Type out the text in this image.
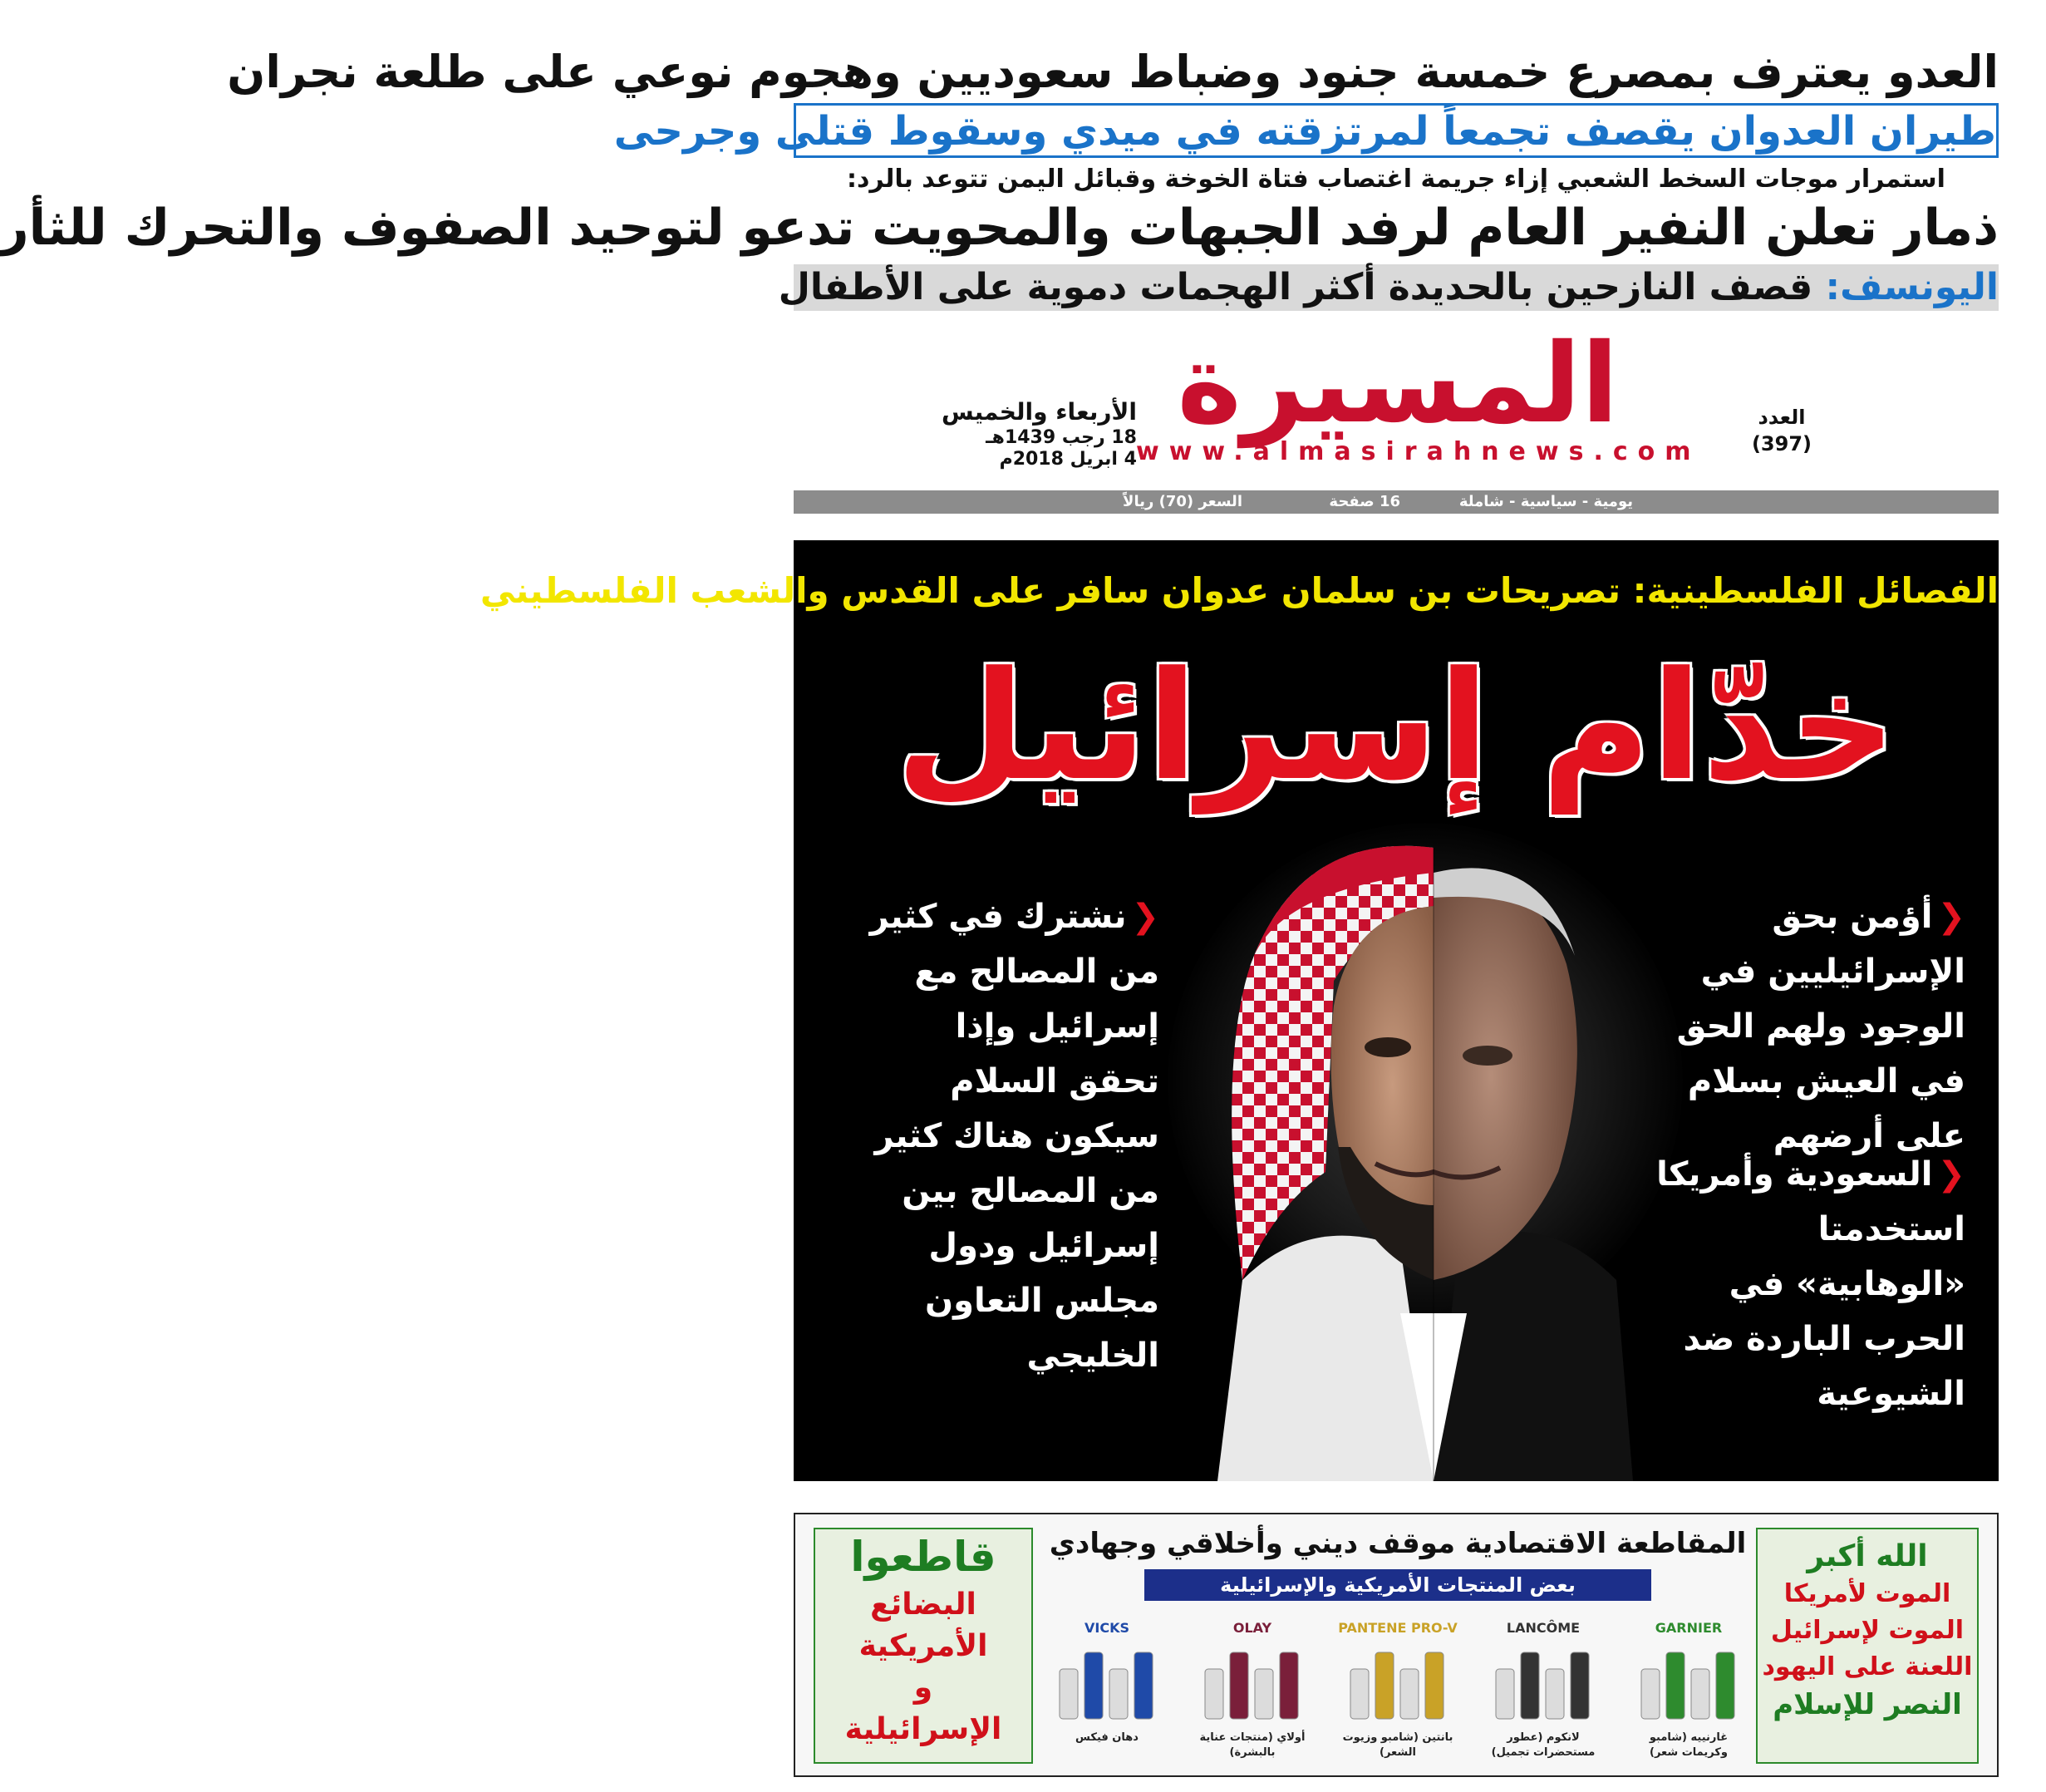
العدو يعترف بمصرع خمسة جنود وضباط سعوديين وهجوم نوعي على طلعة نجران
طيران العدوان يقصف تجمعاً لمرتزقته في ميدي وسقوط قتلى وجرحى
استمرار موجات السخط الشعبي إزاء جريمة اغتصاب فتاة الخوخة وقبائل اليمن تتوعد بالرد:
ذمار تعلن النفير العام لرفد الجبهات والمحويت تدعو لتوحيد الصفوف والتحرك للثأر
اليونسف: قصف النازحين بالحديدة أكثر الهجمات دموية على الأطفال
المسيرة
www.almasirahnews.com
العدد
(397)
الأربعاء والخميس
18 رجب 1439هـ
4 ابريل 2018م
يومية - سياسية - شاملة
16 صفحة
السعر (70) ريالاً
الفصائل الفلسطينية: تصريحات بن سلمان عدوان سافر على القدس والشعب الفلسطيني
خدّام إسرائيل
❮نشترك في كثير من المصالح مع إسرائيل وإذا تحقق السلام سيكون هناك كثير من المصالح بين إسرائيل ودول مجلس التعاون الخليجي
❮أؤمن بحق الإسرائيليين في الوجود ولهم الحق في العيش بسلام على أرضهم
❮السعودية وأمريكا استخدمتا «الوهابية» في الحرب الباردة ضد الشيوعية
الله أكبر
الموت لأمريكا
الموت لإسرائيل
اللعنة على اليهود
النصر للإسلام
المقاطعة الاقتصادية موقف ديني وأخلاقي وجهادي
بعض المنتجات الأمريكية والإسرائيلية
VICKS
دهان فيكس
OLAY
أولاي (منتجات عناية بالبشرة)
PANTENE PRO-V
بانتين (شامبو وزيوت الشعر)
LANCÔME
لانكوم (عطور مستحضرات تجميل)
GARNIER
غارنييه (شامبو وكريمات شعر)
قاطعوا
البضائع الأمريكية
و
الإسرائيلية
